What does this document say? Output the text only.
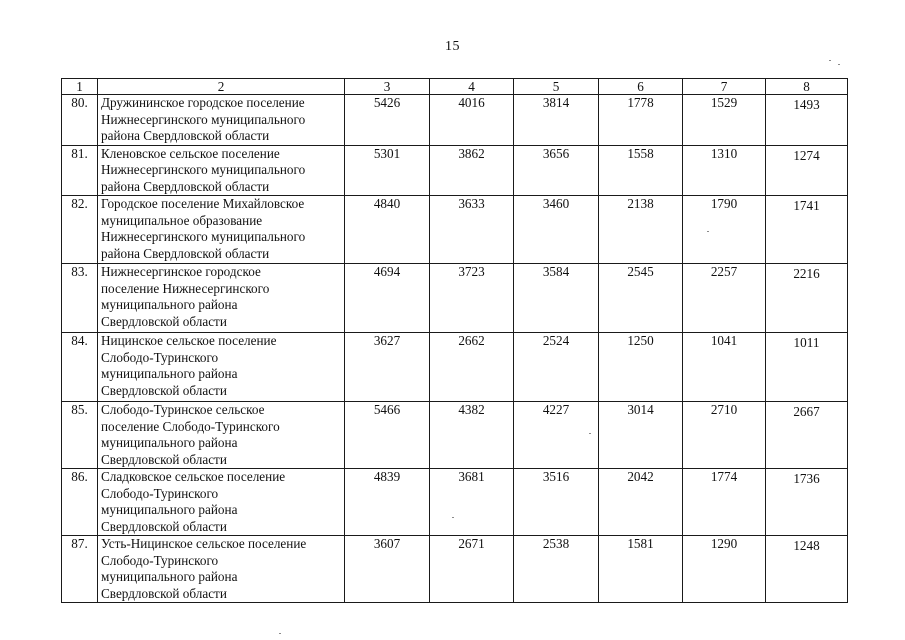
15
1	2	3	4	5	6	7	8
80.	Дружининское городское поселение
Нижнесергинского муниципального
района Свердловской области	5426	4016	3814	1778	1529	1493
81.	Кленовское сельское поселение
Нижнесергинского муниципального
района Свердловской области	5301	3862	3656	1558	1310	1274
82.	Городское поселение Михайловское
муниципальное образование
Нижнесергинского муниципального
района Свердловской области	4840	3633	3460	2138	1790	1741
83.	Нижнесергинское городское
поселение Нижнесергинского
муниципального района
Свердловской области	4694	3723	3584	2545	2257	2216
84.	Ницинское сельское поселение
Слободо-Туринского
муниципального района
Свердловской области	3627	2662	2524	1250	1041	1011
85.	Слободо-Туринское сельское
поселение Слободо-Туринского
муниципального района
Свердловской области	5466	4382	4227	3014	2710	2667
86.	Сладковское сельское поселение
Слободо-Туринского
муниципального района
Свердловской области	4839	3681	3516	2042	1774	1736
87.	Усть-Ницинское сельское поселение
Слободо-Туринского
муниципального района
Свердловской области	3607	2671	2538	1581	1290	1248
